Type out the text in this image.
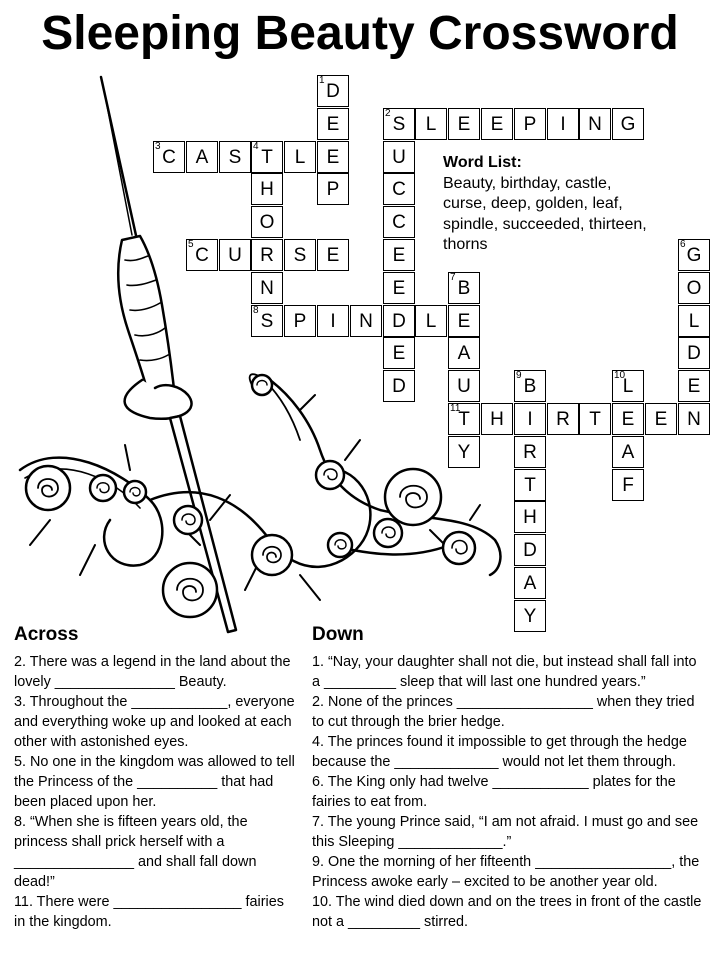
Sleeping Beauty Crossword
1
D
E
E
P
2
S	L	E	E	P	I	N G
U
C
C
E
E
D
E
D
3
C	A	S
4
T	L
H
O
R
N
8
S
5
C	U	S	E
6
G
O
L
D
E
N
7
B
E
A
U
11
T
Y
P	I	N	L
9
B
I
R
T
H
D
A
Y
10
L
E
A
F
H	R	T	E
Word List:
Beauty, birthday, castle, curse, deep, golden, leaf, spindle, succeeded, thirteen, thorns
Across	Down

2. There was a legend in the land about the lovely _______________ Beauty.

3. Throughout the ____________, everyone and everything woke up and looked at each other with astonished eyes.

5. No one in the kingdom was allowed to tell the Princess of the __________ that had been placed upon her.

8. “When she is fifteen years old, the princess shall prick herself with a _______________ and shall fall down dead!”

11. There were ________________ fairies in the kingdom.

1. “Nay, your daughter shall not die, but instead shall fall into a _________ sleep that will last one hundred years.”

2. None of the princes _________________ when they tried to cut through the brier hedge.

4. The princes found it impossible to get through the hedge because the _____________ would not let them through.

6. The King only had twelve ____________ plates for the fairies to eat from.

7. The young Prince said, “I am not afraid. I must go and see this Sleeping _____________.”

9. One the morning of her fifteenth _________________, the Princess awoke early – excited to be another year old.

10. The wind died down and on the trees in front of the castle not a _________ stirred.
